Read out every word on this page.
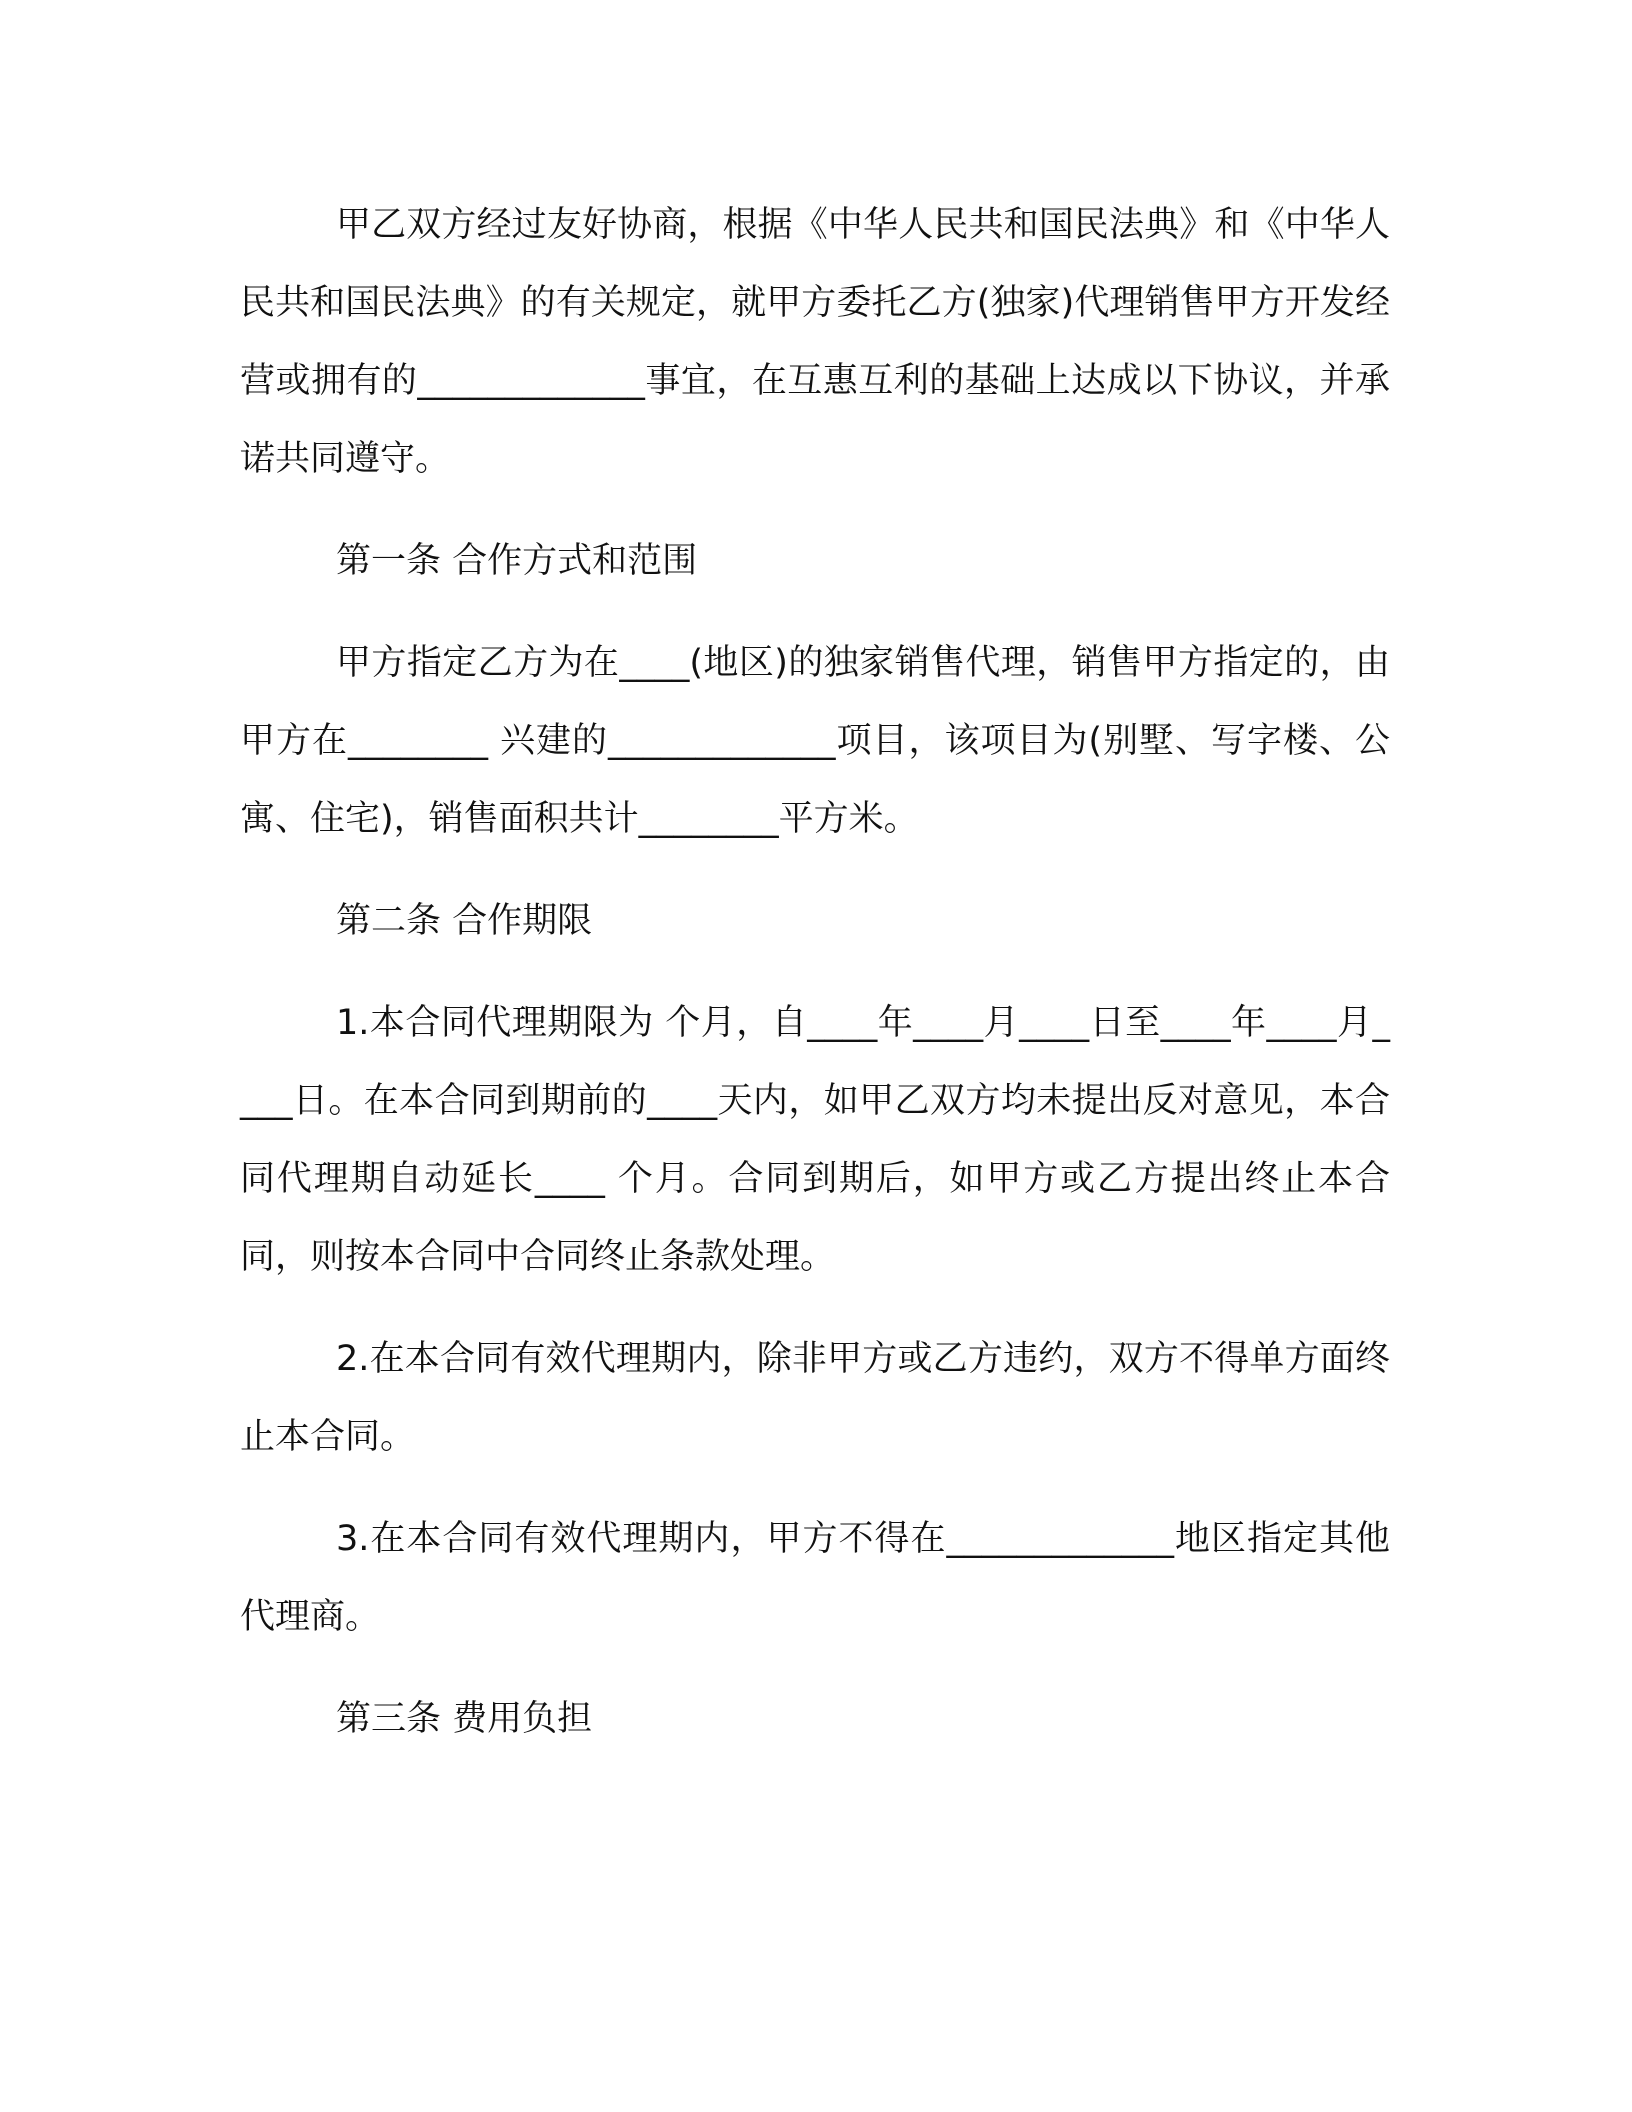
甲乙双方经过友好协商，根据《中华人民共和国民法典》和《中华人民共和国民法典》的有关规定，就甲方委托乙方(独家)代理销售甲方开发经营或拥有的_____________事宜，在互惠互利的基础上达成以下协议，并承诺共同遵守。

第一条 合作方式和范围

甲方指定乙方为在____(地区)的独家销售代理，销售甲方指定的，由甲方在________ 兴建的_____________项目，该项目为(别墅、写字楼、公寓、住宅)，销售面积共计________平方米。

第二条 合作期限

1.本合同代理期限为 个月，自____年____月____日至____年____月____日。在本合同到期前的____天内，如甲乙双方均未提出反对意见，本合同代理期自动延长____ 个月。合同到期后，如甲方或乙方提出终止本合同，则按本合同中合同终止条款处理。

2.在本合同有效代理期内，除非甲方或乙方违约，双方不得单方面终止本合同。

3.在本合同有效代理期内，甲方不得在_____________地区指定其他代理商。

第三条 费用负担
